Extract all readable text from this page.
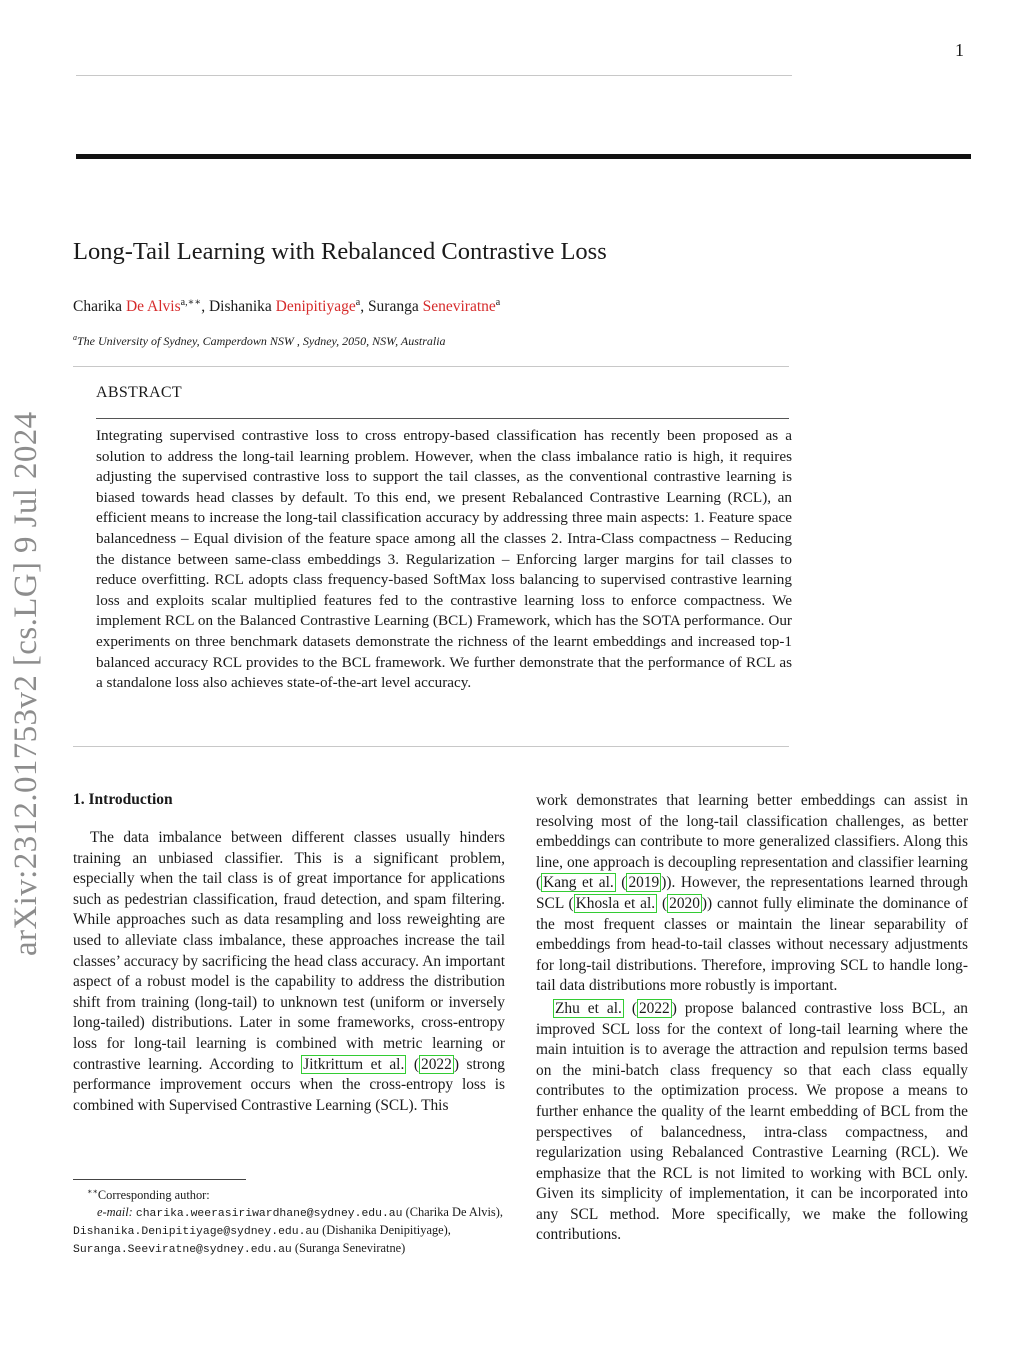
1
arXiv:2312.01753v2 [cs.LG] 9 Jul 2024
Long-Tail Learning with Rebalanced Contrastive Loss
Charika De Alvis$^{a,∗∗}$, Dishanika Denipitiyage$^a$, Suranga Seneviratne$^a$
$^a$The University of Sydney, Camperdown NSW , Sydney, 2050, NSW, Australia
ABSTRACT
Integrating supervised contrastive loss to cross entropy-based classification has recently been proposed as a solution to address the long-tail learning problem. However, when the class imbalance ratio is high, it requires adjusting the supervised contrastive loss to support the tail classes, as the conventional contrastive learning is biased towards head classes by default. To this end, we present Rebalanced Contrastive Learning (RCL), an efficient means to increase the long-tail classification accuracy by addressing three main aspects: 1. Feature space balancedness – Equal division of the feature space among all the classes 2. Intra-Class compactness – Reducing the distance between same-class embeddings 3. Regularization – Enforcing larger margins for tail classes to reduce overfitting. RCL adopts class frequency-based SoftMax loss balancing to supervised contrastive learning loss and exploits scalar multiplied features fed to the contrastive learning loss to enforce compactness. We implement RCL on the Balanced Contrastive Learning (BCL) Framework, which has the SOTA performance. Our experiments on three benchmark datasets demonstrate the richness of the learnt embeddings and increased top-1 balanced accuracy RCL provides to the BCL framework. We further demonstrate that the performance of RCL as a standalone loss also achieves state-of-the-art level accuracy.
1. Introduction

The data imbalance between different classes usually hinders training an unbiased classifier. This is a significant problem, especially when the tail class is of great importance for applications such as pedestrian classification, fraud detection, and spam filtering. While approaches such as data resampling and loss reweighting are used to alleviate class imbalance, these approaches increase the tail classes’ accuracy by sacrificing the head class accuracy. An important aspect of a robust model is the capability to address the distribution shift from training (long-tail) to unknown test (uniform or inversely long-tailed) distributions. Later in some frameworks, cross-entropy loss for long-tail learning is combined with metric learning or contrastive learning. According to Jitkrittum et al. ( 2022 ) strong performance improvement occurs when the cross-entropy loss is combined with Supervised Contrastive Learning (SCL). This

work demonstrates that learning better embeddings can assist in resolving most of the long-tail classification challenges, as better embeddings can contribute to more generalized classifiers. Along this line, one approach is decoupling representation and classifier learning ( Kang et al. ( 2019 )). However, the representations learned through SCL ( Khosla et al. ( 2020 )) cannot fully eliminate the dominance of the most frequent classes or maintain the linear separability of embeddings from head-to-tail classes without necessary adjustments for long-tail distributions. Therefore, improving SCL to handle long-tail data distributions more robustly is important.

Zhu et al. ( 2022 ) propose balanced contrastive loss BCL, an improved SCL loss for the context of long-tail learning where the main intuition is to average the attraction and repulsion terms based on the mini-batch class frequency so that each class equally contributes to the optimization process. We propose a means to further enhance the quality of the learnt embedding of BCL from the perspectives of balancedness, intra-class compactness, and regularization using Rebalanced Contrastive Learning (RCL). We emphasize that the RCL is not limited to working with BCL only. Given its simplicity of implementation, it can be incorporated into any SCL method. More specifically, we make the following contributions.

∗∗Corresponding author:
e-mail: charika.weerasiriwardhane@sydney.edu.au (Charika De Alvis), Dishanika.Denipitiyage@sydney.edu.au (Dishanika Denipitiyage), Suranga.Seeviratne@sydney.edu.au (Suranga Seneviratne)
